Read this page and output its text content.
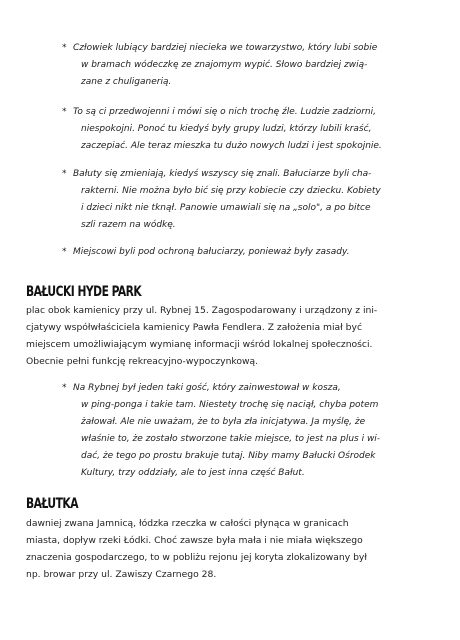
* Człowiek lubiący bardziej niecieka we towarzystwo, który lubi sobie
w bramach wódeczkę ze znajomym wypić. Słowo bardziej zwią-
zane z chuliganerią.
* To są ci przedwojenni i mówi się o nich trochę źle. Ludzie zadziorni,
niespokojni. Ponoć tu kiedyś były grupy ludzi, którzy lubili kraść,
zaczepiać. Ale teraz mieszka tu dużo nowych ludzi i jest spokojnie.
* Bałuty się zmieniają, kiedyś wszyscy się znali. Bałuciarze byli cha-
rakterni. Nie można było bić się przy kobiecie czy dziecku. Kobiety
i dzieci nikt nie tknął. Panowie umawiali się na „solo", a po bitce
szli razem na wódkę.
* Miejscowi byli pod ochroną bałuciarzy, ponieważ były zasady.
BAŁUCKI HYDE PARK
plac obok kamienicy przy ul. Rybnej 15. Zagospodarowany i urządzony z ini-
cjatywy współwłaściciela kamienicy Pawła Fendlera. Z założenia miał być
miejscem umożliwiającym wymianę informacji wśród lokalnej społeczności.
Obecnie pełni funkcję rekreacyjno-wypoczynkową.
* Na Rybnej był jeden taki gość, który zainwestował w kosza,
w ping-ponga i takie tam. Niestety trochę się naciął, chyba potem
żałował. Ale nie uważam, że to była zła inicjatywa. Ja myślę, że
właśnie to, że zostało stworzone takie miejsce, to jest na plus i wi-
dać, że tego po prostu brakuje tutaj. Niby mamy Bałucki Ośrodek
Kultury, trzy oddziały, ale to jest inna część Bałut.
BAŁUTKA
dawniej zwana Jamnicą, łódzka rzeczka w całości płynąca w granicach
miasta, dopływ rzeki Łódki. Choć zawsze była mała i nie miała większego
znaczenia gospodarczego, to w pobliżu rejonu jej koryta zlokalizowany był
np. browar przy ul. Zawiszy Czarnego 28.
